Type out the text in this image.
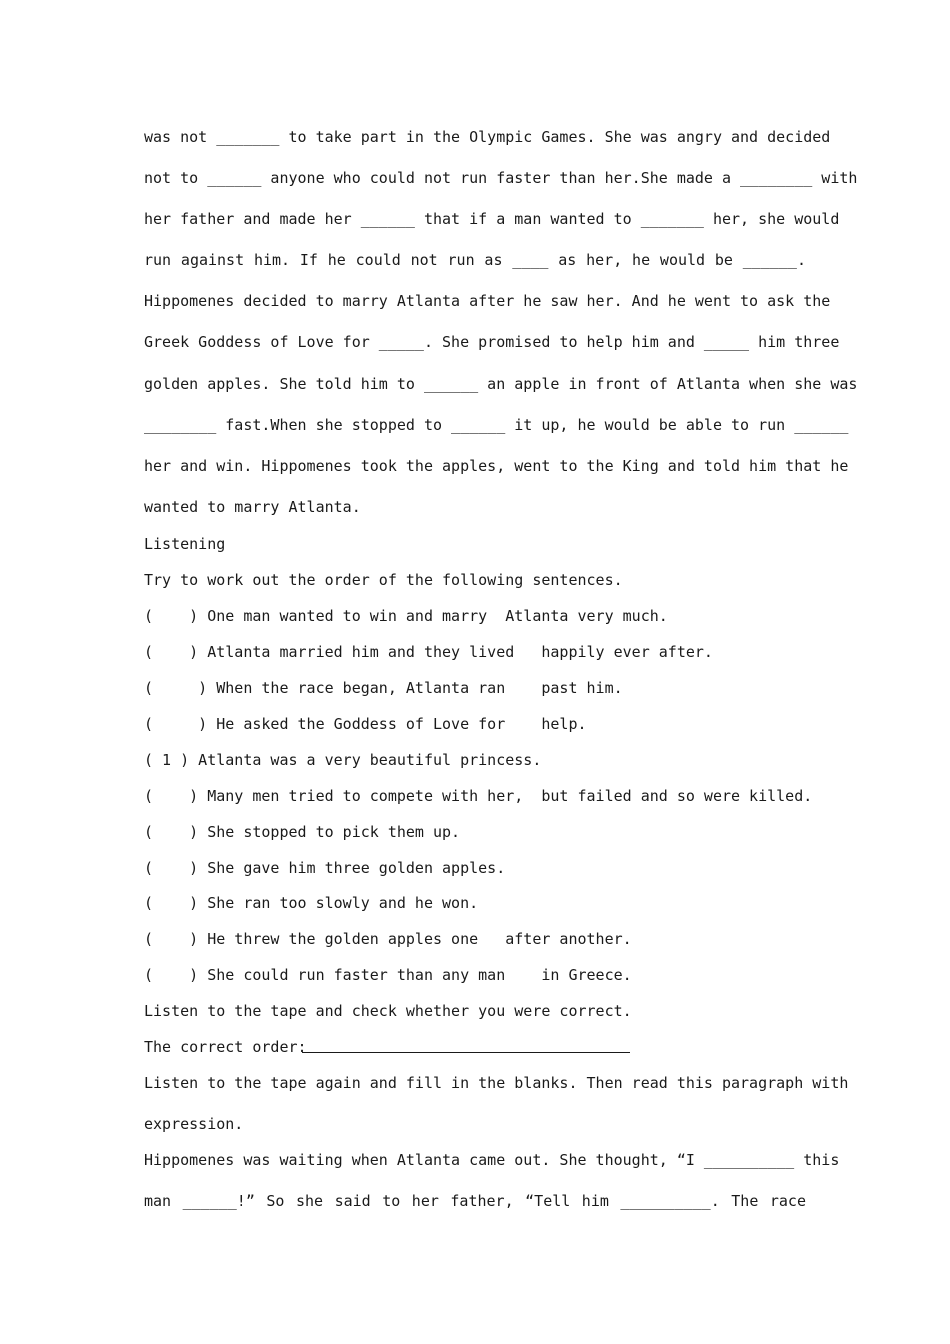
was not _______ to take part in the Olympic Games. She was angry and decided
not to ______ anyone who could not run faster than her.She made a ________ with
her father and made her ______ that if a man wanted to _______ her, she would
run against him. If he could not run as ____ as her, he would be ______.
Hippomenes decided to marry Atlanta after he saw her. And he went to ask the
Greek Goddess of Love for _____. She promised to help him and _____ him three
golden apples. She told him to ______ an apple in front of Atlanta when she was
________ fast.When she stopped to ______ it up, he would be able to run ______
her and win. Hippomenes took the apples, went to the King and told him that he
wanted to marry Atlanta.
Listening
Try to work out the order of the following sentences.
(    ) One man wanted to win and marry  Atlanta very much.
(    ) Atlanta married him and they lived   happily ever after.
(     ) When the race began, Atlanta ran    past him.
(     ) He asked the Goddess of Love for    help.
( 1 ) Atlanta was a very beautiful princess.
(    ) Many men tried to compete with her,  but failed and so were killed.
(    ) She stopped to pick them up.
(    ) She gave him three golden apples.
(    ) She ran too slowly and he won.
(    ) He threw the golden apples one   after another.
(    ) She could run faster than any man    in Greece.
Listen to the tape and check whether you were correct.
The correct order:
Listen to the tape again and fill in the blanks. Then read this paragraph with
expression.
Hippomenes was waiting when Atlanta came out. She thought, “I __________ this
man ______!” So she said to her father, “Tell him __________. The race
